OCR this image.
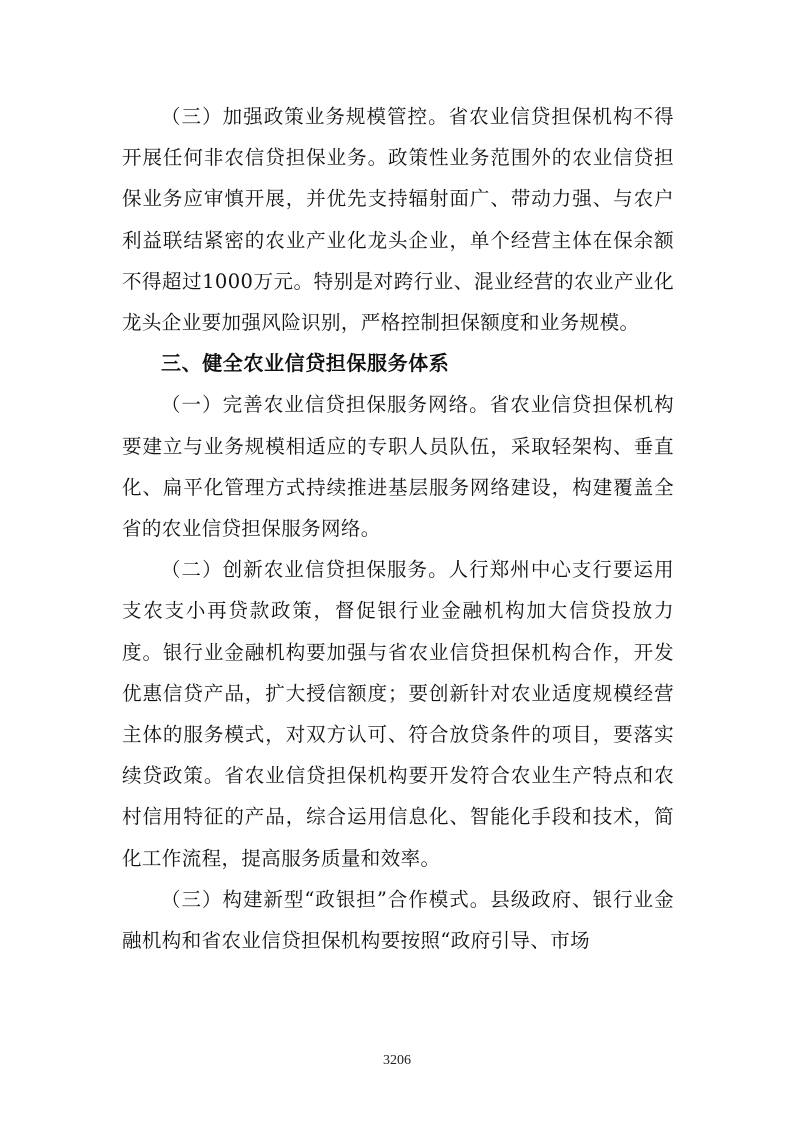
（三）加强政策业务规模管控。省农业信贷担保机构不得开展任何非农信贷担保业务。政策性业务范围外的农业信贷担保业务应审慎开展，并优先支持辐射面广、带动力强、与农户利益联结紧密的农业产业化龙头企业，单个经营主体在保余额不得超过1000万元。特别是对跨行业、混业经营的农业产业化龙头企业要加强风险识别，严格控制担保额度和业务规模。

三、健全农业信贷担保服务体系

（一）完善农业信贷担保服务网络。省农业信贷担保机构要建立与业务规模相适应的专职人员队伍，采取轻架构、垂直化、扁平化管理方式持续推进基层服务网络建设，构建覆盖全省的农业信贷担保服务网络。

（二）创新农业信贷担保服务。人行郑州中心支行要运用支农支小再贷款政策，督促银行业金融机构加大信贷投放力度。银行业金融机构要加强与省农业信贷担保机构合作，开发优惠信贷产品，扩大授信额度；要创新针对农业适度规模经营主体的服务模式，对双方认可、符合放贷条件的项目，要落实续贷政策。省农业信贷担保机构要开发符合农业生产特点和农村信用特征的产品，综合运用信息化、智能化手段和技术，简化工作流程，提高服务质量和效率。

（三）构建新型“政银担”合作模式。县级政府、银行业金融机构和省农业信贷担保机构要按照“政府引导、市场

3206
